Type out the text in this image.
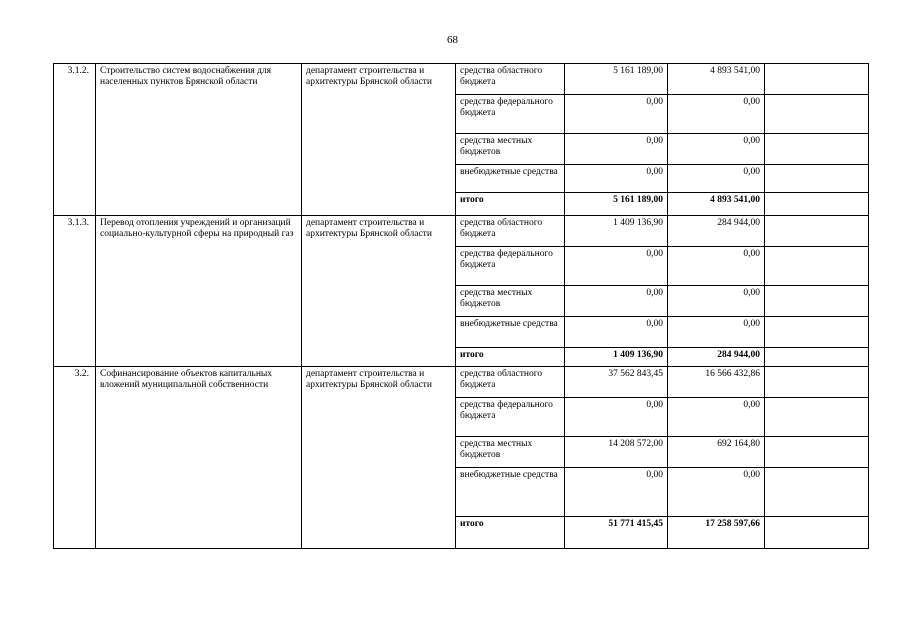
68
3.1.2.	Строительство систем водоснабжения для населенных пунктов Брянской области	департамент строительства и архитектуры Брянской области	средства областного бюджета	5 161 189,00	4 893 541,00	
			средства федерального бюджета	0,00	0,00	
			средства местных бюджетов	0,00	0,00	
			внебюджетные средства	0,00	0,00	
			итого	5 161 189,00	4 893 541,00	
3.1.3.	Перевод отопления учреждений и организаций социально-культурной сферы на природный газ	департамент строительства и архитектуры Брянской области	средства областного бюджета	1 409 136,90	284 944,00	
			средства федерального бюджета	0,00	0,00	
			средства местных бюджетов	0,00	0,00	
			внебюджетные средства	0,00	0,00	
			итого	1 409 136,90	284 944,00	
3.2.	Софинансирование объектов капитальных вложений муниципальной собственности	департамент строительства и архитектуры Брянской области	средства областного бюджета	37 562 843,45	16 566 432,86	
			средства федерального бюджета	0,00	0,00	
			средства местных бюджетов	14 208 572,00	692 164,80	
			внебюджетные средства	0,00	0,00	
			итого	51 771 415,45	17 258 597,66	
